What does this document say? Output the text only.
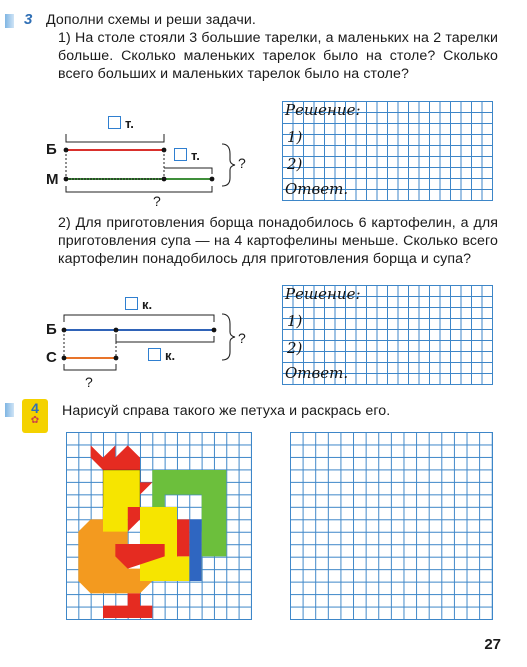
3 Дополни схемы и реши задачи.
1) На столе стояли 3 большие тарелки, а маленьких на 2 тарелки больше. Сколько маленьких тарелок было на столе? Сколько всего больших и маленьких тарелок было на столе?
т.
т.
Б
М
?
?
Решение:
1)
2)
Ответ.
2) Для приготовления борща понадобилось 6 картофелин, а для приготовления супа — на 4 картофелины меньше. Сколько всего картофелин понадобилось для приготовления борща и супа?
к.
к.
Б
С
?
?
Решение:
1)
2)
Ответ.
4
✿
Нарисуй справа такого же петуха и раскрась его.
27
